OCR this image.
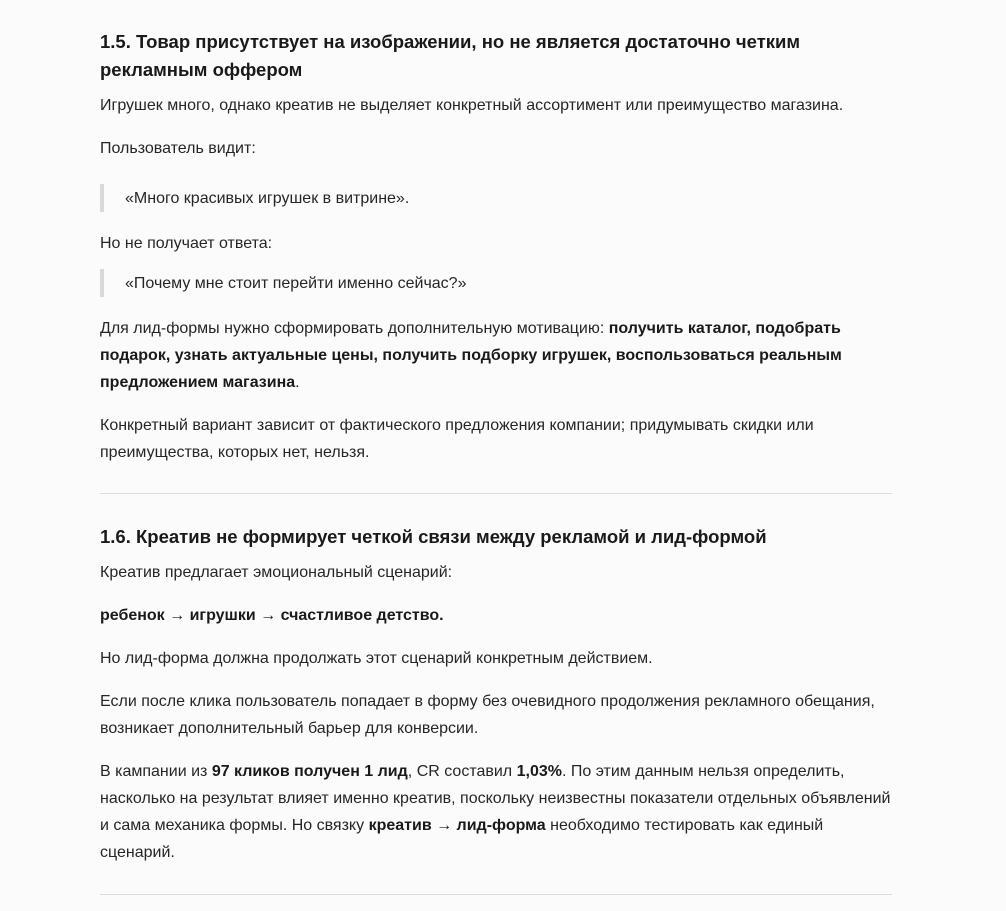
1.5. Товар присутствует на изображении, но не является достаточно четким рекламным оффером

Игрушек много, однако креатив не выделяет конкретный ассортимент или преимущество магазина.

Пользователь видит:

«Много красивых игрушек в витрине».

Но не получает ответа:

«Почему мне стоит перейти именно сейчас?»

Для лид-формы нужно сформировать дополнительную мотивацию: получить каталог, подобрать подарок, узнать актуальные цены, получить подборку игрушек, воспользоваться реальным предложением магазина.

Конкретный вариант зависит от фактического предложения компании; придумывать скидки или преимущества, которых нет, нельзя.

1.6. Креатив не формирует четкой связи между рекламой и лид-формой

Креатив предлагает эмоциональный сценарий:

ребенок → игрушки → счастливое детство.

Но лид-форма должна продолжать этот сценарий конкретным действием.

Если после клика пользователь попадает в форму без очевидного продолжения рекламного обещания, возникает дополнительный барьер для конверсии.

В кампании из 97 кликов получен 1 лид, CR составил 1,03%. По этим данным нельзя определить, насколько на результат влияет именно креатив, поскольку неизвестны показатели отдельных объявлений и сама механика формы. Но связку креатив → лид-форма необходимо тестировать как единый сценарий.
